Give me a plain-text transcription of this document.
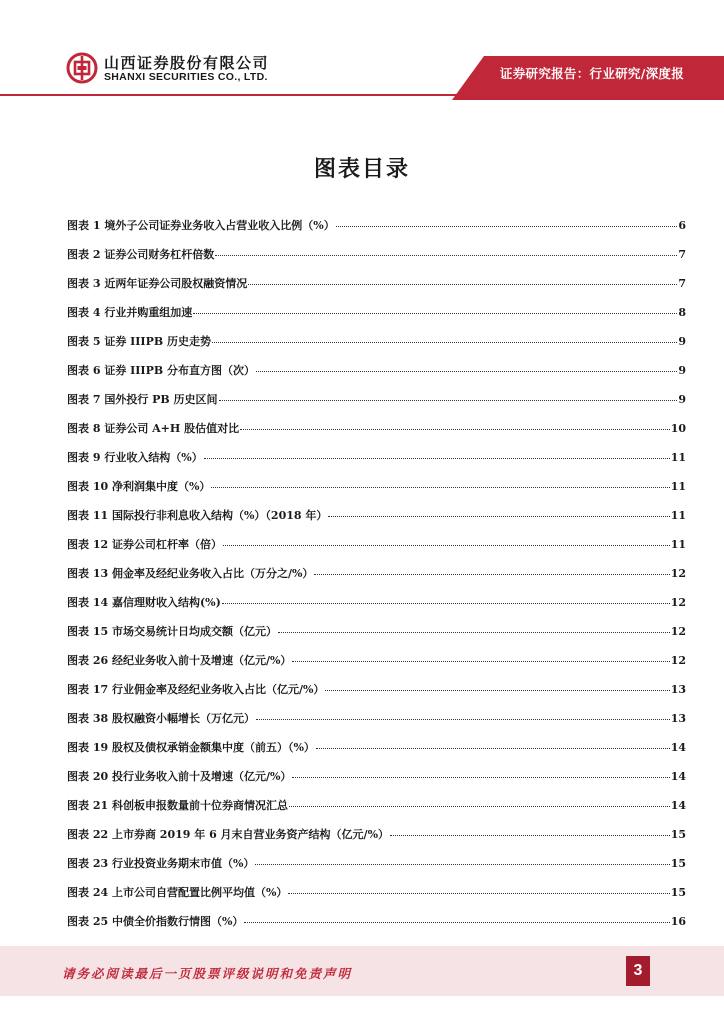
山西证券股份有限公司
SHANXI SECURITIES CO., LTD.	证券研究报告：行业研究/深度报
图表目录
图表 1 境外子公司证券业务收入占营业收入比例（%）	6
图表 2 证券公司财务杠杆倍数	7
图表 3 近两年证券公司股权融资情况	7
图表 4 行业并购重组加速	8
图表 5 证券 IIIPB 历史走势	9
图表 6 证券 IIIPB 分布直方图（次）	9
图表 7 国外投行 PB 历史区间	9
图表 8 证券公司 A+H 股估值对比	10
图表 9 行业收入结构（%）	11
图表 10 净利润集中度（%）	11
图表 11 国际投行非利息收入结构（%）（2018 年）	11
图表 12 证券公司杠杆率（倍）	11
图表 13 佣金率及经纪业务收入占比（万分之/%）	12
图表 14 嘉信理财收入结构(%)	12
图表 15 市场交易统计日均成交额（亿元）	12
图表 26 经纪业务收入前十及增速（亿元/%）	12
图表 17 行业佣金率及经纪业务收入占比（亿元/%）	13
图表 38 股权融资小幅增长（万亿元）	13
图表 19 股权及债权承销金额集中度（前五）（%）	14
图表 20 投行业务收入前十及增速（亿元/%）	14
图表 21 科创板申报数量前十位券商情况汇总	14
图表 22 上市券商 2019 年 6 月末自营业务资产结构（亿元/%）	15
图表 23 行业投资业务期末市值（%）	15
图表 24 上市公司自营配置比例平均值（%）	15
图表 25 中债全价指数行情图（%）	16
请务必阅读最后一页股票评级说明和免责声明	3
